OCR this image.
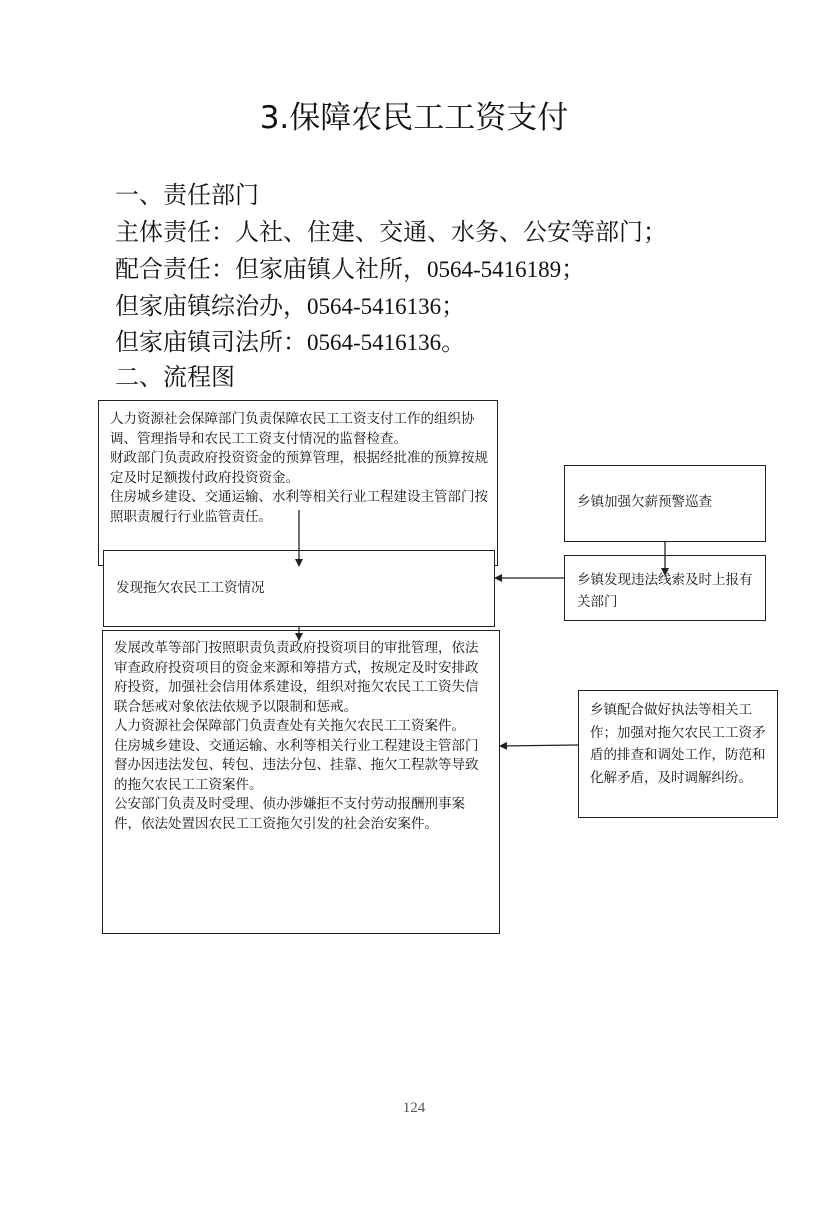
3.保障农民工工资支付
一、责任部门
主体责任：人社、住建、交通、水务、公安等部门；
配合责任：但家庙镇人社所，0564-5416189；
但家庙镇综治办，0564-5416136；
但家庙镇司法所：0564-5416136。
二、流程图

人力资源社会保障部门负责保障农民工工资支付工作的组织协调、管理指导和农民工工资支付情况的监督检查。

财政部门负责政府投资资金的预算管理，根据经批准的预算按规定及时足额拨付政府投资资金。

住房城乡建设、交通运输、水利等相关行业工程建设主管部门按照职责履行行业监管责任。

发现拖欠农民工工资情况

发展改革等部门按照职责负责政府投资项目的审批管理，依法审查政府投资项目的资金来源和筹措方式，按规定及时安排政府投资，加强社会信用体系建设，组织对拖欠农民工工资失信联合惩戒对象依法依规予以限制和惩戒。

人力资源社会保障部门负责查处有关拖欠农民工工资案件。

住房城乡建设、交通运输、水利等相关行业工程建设主管部门督办因违法发包、转包、违法分包、挂靠、拖欠工程款等导致的拖欠农民工工资案件。

公安部门负责及时受理、侦办涉嫌拒不支付劳动报酬刑事案件，依法处置因农民工工资拖欠引发的社会治安案件。

乡镇加强欠薪预警巡查

乡镇发现违法线索及时上报有关部门

乡镇配合做好执法等相关工作；加强对拖欠农民工工资矛盾的排查和调处工作，防范和化解矛盾，及时调解纠纷。

124
